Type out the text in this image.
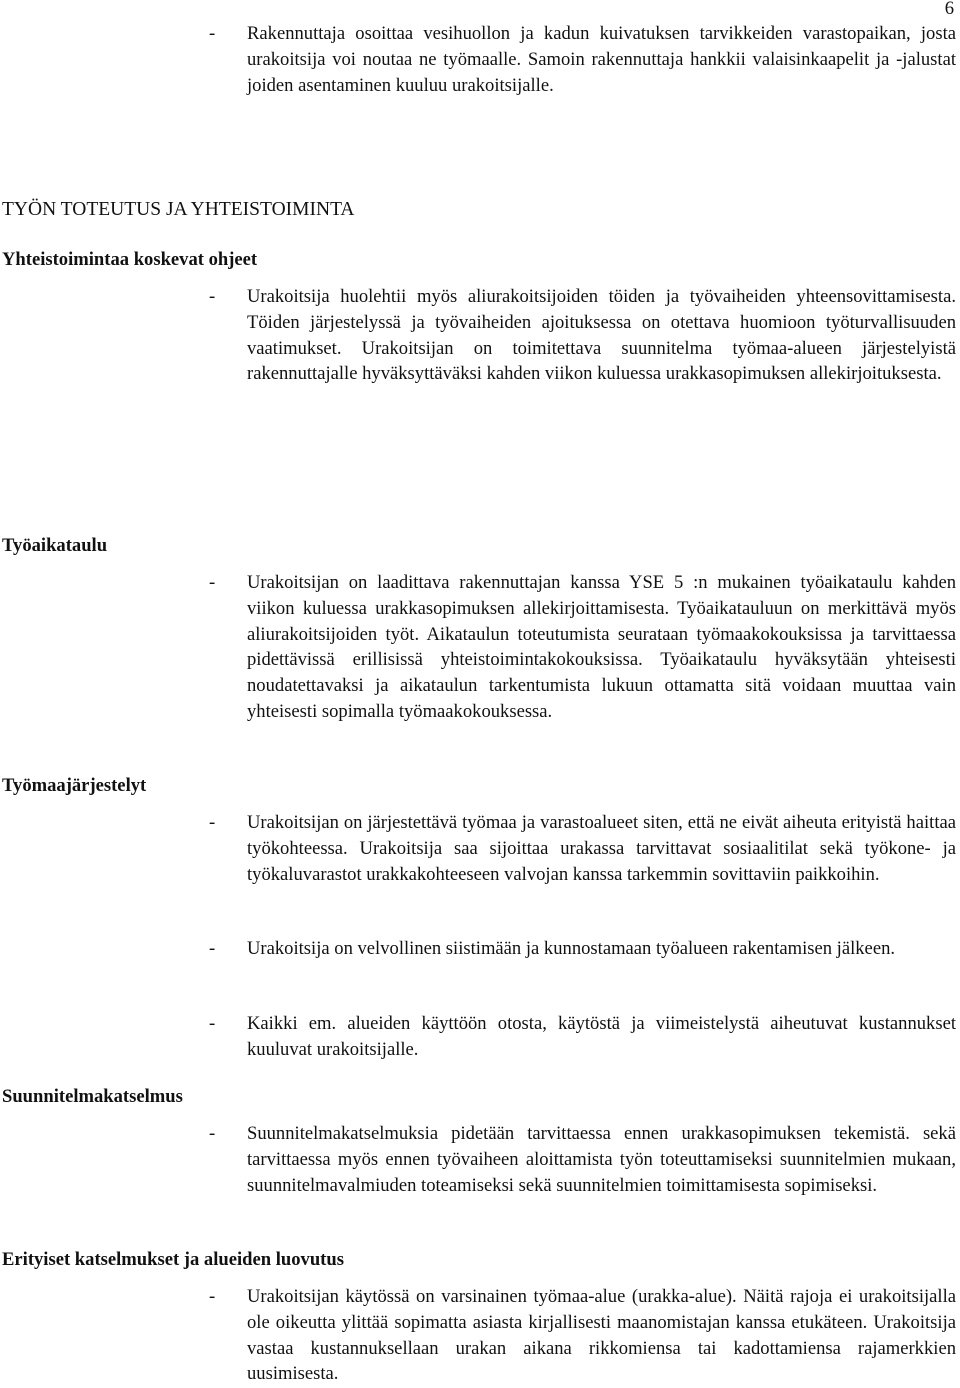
6
- Rakennuttaja osoittaa vesihuollon ja kadun kuivatuksen tarvikkeiden varastopaikan, josta urakoitsija voi noutaa ne työmaalle. Samoin rakennuttaja hankkii valaisinkaapelit ja -jalustat joiden asentaminen kuuluu urakoitsijalle.
TYÖN TOTEUTUS JA YHTEISTOIMINTA
Yhteistoimintaa koskevat ohjeet
- Urakoitsija huolehtii myös aliurakoitsijoiden töiden ja työvaiheiden yhteensovittamisesta. Töiden järjestelyssä ja työvaiheiden ajoituksessa on otettava huomioon työturvallisuuden vaatimukset. Urakoitsijan on toimitettava suunnitelma työmaa-alueen järjestelyistä rakennuttajalle hyväksyttäväksi kahden viikon kuluessa urakkasopimuksen allekirjoituksesta.
Työaikataulu
- Urakoitsijan on laadittava rakennuttajan kanssa YSE 5 :n mukainen työaikataulu kahden viikon kuluessa urakkasopimuksen allekirjoittamisesta. Työaikatauluun on merkittävä myös aliurakoitsijoiden työt. Aikataulun toteutumista seurataan työmaakokouksissa ja tarvittaessa pidettävissä erillisissä yhteistoimintakokouksissa. Työaikataulu hyväksytään yhteisesti noudatettavaksi ja aikataulun tarkentumista lukuun ottamatta sitä voidaan muuttaa vain yhteisesti sopimalla työmaakokouksessa.
Työmaajärjestelyt
- Urakoitsijan on järjestettävä työmaa ja varastoalueet siten, että ne eivät aiheuta erityistä haittaa työkohteessa. Urakoitsija saa sijoittaa urakassa tarvittavat sosiaalitilat sekä työkone- ja työkaluvarastot urakkakohteeseen valvojan kanssa tarkemmin sovittaviin paikkoihin.
- Urakoitsija on velvollinen siistimään ja kunnostamaan työalueen rakentamisen jälkeen.
- Kaikki em. alueiden käyttöön otosta, käytöstä ja viimeistelystä aiheutuvat kustannukset kuuluvat urakoitsijalle.
Suunnitelmakatselmus
- Suunnitelmakatselmuksia pidetään tarvittaessa ennen urakkasopimuksen tekemistä. sekä tarvittaessa myös ennen työvaiheen aloittamista työn toteuttamiseksi suunnitelmien mukaan, suunnitelmavalmiuden toteamiseksi sekä suunnitelmien toimittamisesta sopimiseksi.
Erityiset katselmukset ja alueiden luovutus
- Urakoitsijan käytössä on varsinainen työmaa-alue (urakka-alue). Näitä rajoja ei urakoitsijalla ole oikeutta ylittää sopimatta asiasta kirjallisesti maanomistajan kanssa etukäteen. Urakoitsija vastaa kustannuksellaan urakan aikana rikkomiensa tai kadottamiensa rajamerkkien uusimisesta.
